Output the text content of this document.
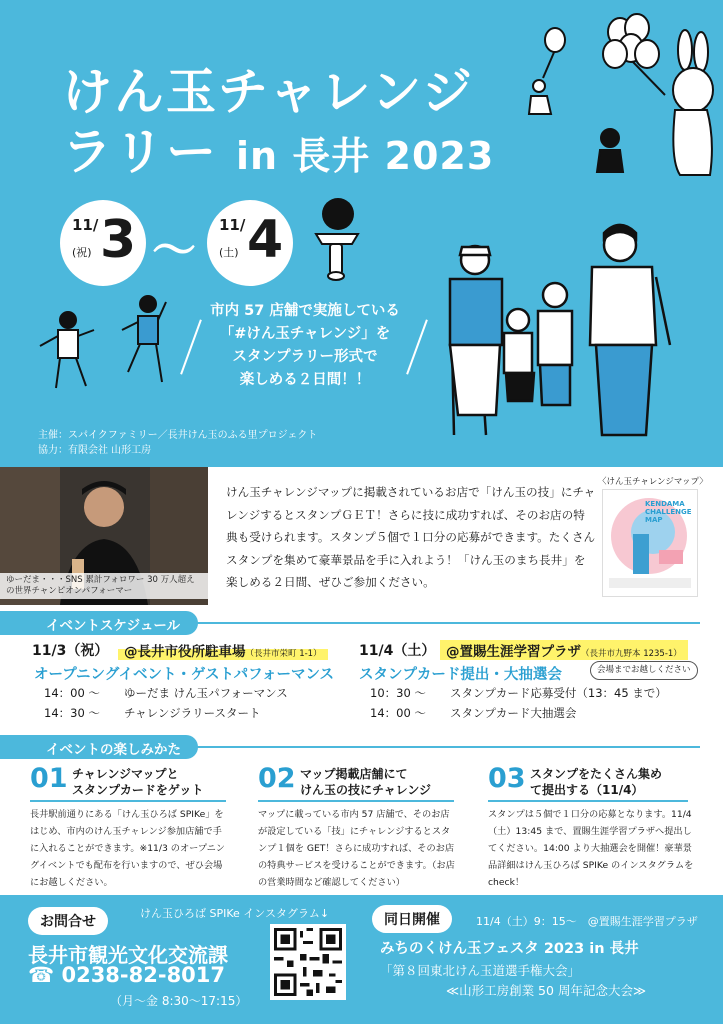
けん玉チャレンジ
ラリー in 長井 2023
11/
(祝) 3 〜 11/
(土) 4
市内 57 店舗で実施している
「#けん玉チャレンジ」を
スタンプラリー形式で
楽しめる２日間！！
主催：スパイクファミリー／長井けん玉のふる里プロジェクト
協力：有限会社 山形工房
ゆーだま・・・SNS 累計フォロワー 30 万人超え
の世界チャンピオンパフォーマー
けん玉チャレンジマップに掲載されているお店で「けん玉の技」にチャレンジするとスタンプＧＥＴ！さらに技に成功すれば、そのお店の特典も受けられます。スタンプ５個で１口分の応募ができます。たくさんスタンプを集めて豪華景品を手に入れよう！「けん玉のまち長井」を楽しめる２日間、ぜひご参加ください。
〈けん玉チャレンジマップ〉
KENDAMA CHALLENGE MAP
イベントスケジュール
11/3（祝）	@長井市役所駐車場（長井市栄町 1-1）
オープニングイベント・ゲストパフォーマンス
14：00 〜 ゆーだま けん玉パフォーマンス
14：30 〜 チャレンジラリースタート
11/4（土） @置賜生涯学習プラザ（長井市九野本 1235-1）
スタンプカード提出・大抽選会	会場までお越しください
10：30 〜 スタンプカード応募受付（13：45 まで）
14：00 〜 スタンプカード大抽選会
イベントの楽しみかた
01 チャレンジマップと
スタンプカードをゲット
長井駅前通りにある「けん玉ひろば SPIKe」をはじめ、市内のけん玉チャレンジ参加店舗で手に入れることができます。※11/3 のオープニングイベントでも配布を行いますので、ぜひ会場にお越しください。
02 マップ掲載店舗にて
けん玉の技にチャレンジ
マップに載っている市内 57 店舗で、そのお店が設定している「技」にチャレンジするとスタンプ１個を GET！さらに成功すれば、そのお店の特典サービスを受けることができます。（お店の営業時間など確認してください）
03 スタンプをたくさん集め
て提出する（11/4）
スタンプは５個で１口分の応募となります。11/4（土）13:45 まで、置賜生涯学習プラザへ提出してください。14:00 より大抽選会を開催！豪華景品詳細はけん玉ひろば SPIKe のインスタグラムを check！
お問合せ
けん玉ひろば SPIKe インスタグラム↓
長井市観光文化交流課
☎ 0238-82-8017
（月〜金 8:30〜17:15）
同日開催	11/4（土）9：15〜　@置賜生涯学習プラザ
みちのくけん玉フェスタ 2023 in 長井
「第８回東北けん玉道選手権大会」
≪山形工房創業 50 周年記念大会≫
